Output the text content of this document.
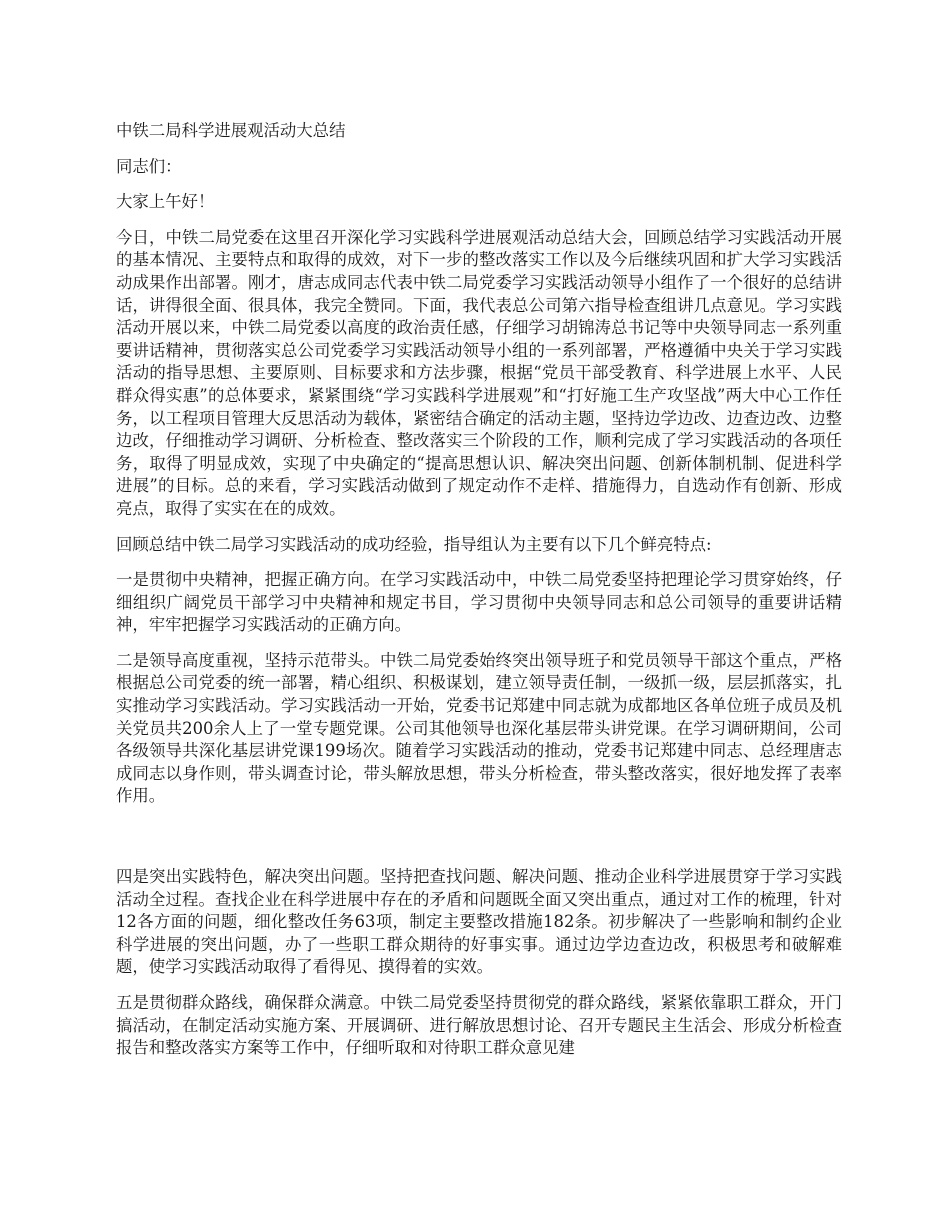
中铁二局科学进展观活动大总结

同志们：

大家上午好！

今日，中铁二局党委在这里召开深化学习实践科学进展观活动总结大会，回顾总结学习实践活动开展的基本情况、主要特点和取得的成效，对下一步的整改落实工作以及今后继续巩固和扩大学习实践活动成果作出部署。刚才，唐志成同志代表中铁二局党委学习实践活动领导小组作了一个很好的总结讲话，讲得很全面、很具体，我完全赞同。下面，我代表总公司第六指导检查组讲几点意见。学习实践活动开展以来，中铁二局党委以高度的政治责任感，仔细学习胡锦涛总书记等中央领导同志一系列重要讲话精神，贯彻落实总公司党委学习实践活动领导小组的一系列部署，严格遵循中央关于学习实践活动的指导思想、主要原则、目标要求和方法步骤，根据“党员干部受教育、科学进展上水平、人民群众得实惠”的总体要求，紧紧围绕“学习实践科学进展观”和“打好施工生产攻坚战”两大中心工作任务，以工程项目管理大反思活动为载体，紧密结合确定的活动主题，坚持边学边改、边查边改、边整边改，仔细推动学习调研、分析检查、整改落实三个阶段的工作，顺利完成了学习实践活动的各项任务，取得了明显成效，实现了中央确定的“提高思想认识、解决突出问题、创新体制机制、促进科学进展”的目标。总的来看，学习实践活动做到了规定动作不走样、措施得力，自选动作有创新、形成亮点，取得了实实在在的成效。

回顾总结中铁二局学习实践活动的成功经验，指导组认为主要有以下几个鲜亮特点:

一是贯彻中央精神，把握正确方向。在学习实践活动中，中铁二局党委坚持把理论学习贯穿始终，仔细组织广阔党员干部学习中央精神和规定书目，学习贯彻中央领导同志和总公司领导的重要讲话精神，牢牢把握学习实践活动的正确方向。

二是领导高度重视，坚持示范带头。中铁二局党委始终突出领导班子和党员领导干部这个重点，严格根据总公司党委的统一部署，精心组织、积极谋划，建立领导责任制，一级抓一级，层层抓落实，扎实推动学习实践活动。学习实践活动一开始，党委书记郑建中同志就为成都地区各单位班子成员及机关党员共200余人上了一堂专题党课。公司其他领导也深化基层带头讲党课。在学习调研期间，公司各级领导共深化基层讲党课199场次。随着学习实践活动的推动，党委书记郑建中同志、总经理唐志成同志以身作则，带头调查讨论，带头解放思想，带头分析检查，带头整改落实，很好地发挥了表率作用。

四是突出实践特色，解决突出问题。坚持把查找问题、解决问题、推动企业科学进展贯穿于学习实践活动全过程。查找企业在科学进展中存在的矛盾和问题既全面又突出重点，通过对工作的梳理，针对12各方面的问题，细化整改任务63项，制定主要整改措施182条。初步解决了一些影响和制约企业科学进展的突出问题，办了一些职工群众期待的好事实事。通过边学边查边改，积极思考和破解难题，使学习实践活动取得了看得见、摸得着的实效。

五是贯彻群众路线，确保群众满意。中铁二局党委坚持贯彻党的群众路线，紧紧依靠职工群众，开门搞活动，在制定活动实施方案、开展调研、进行解放思想讨论、召开专题民主生活会、形成分析检查报告和整改落实方案等工作中，仔细听取和对待职工群众意见建
